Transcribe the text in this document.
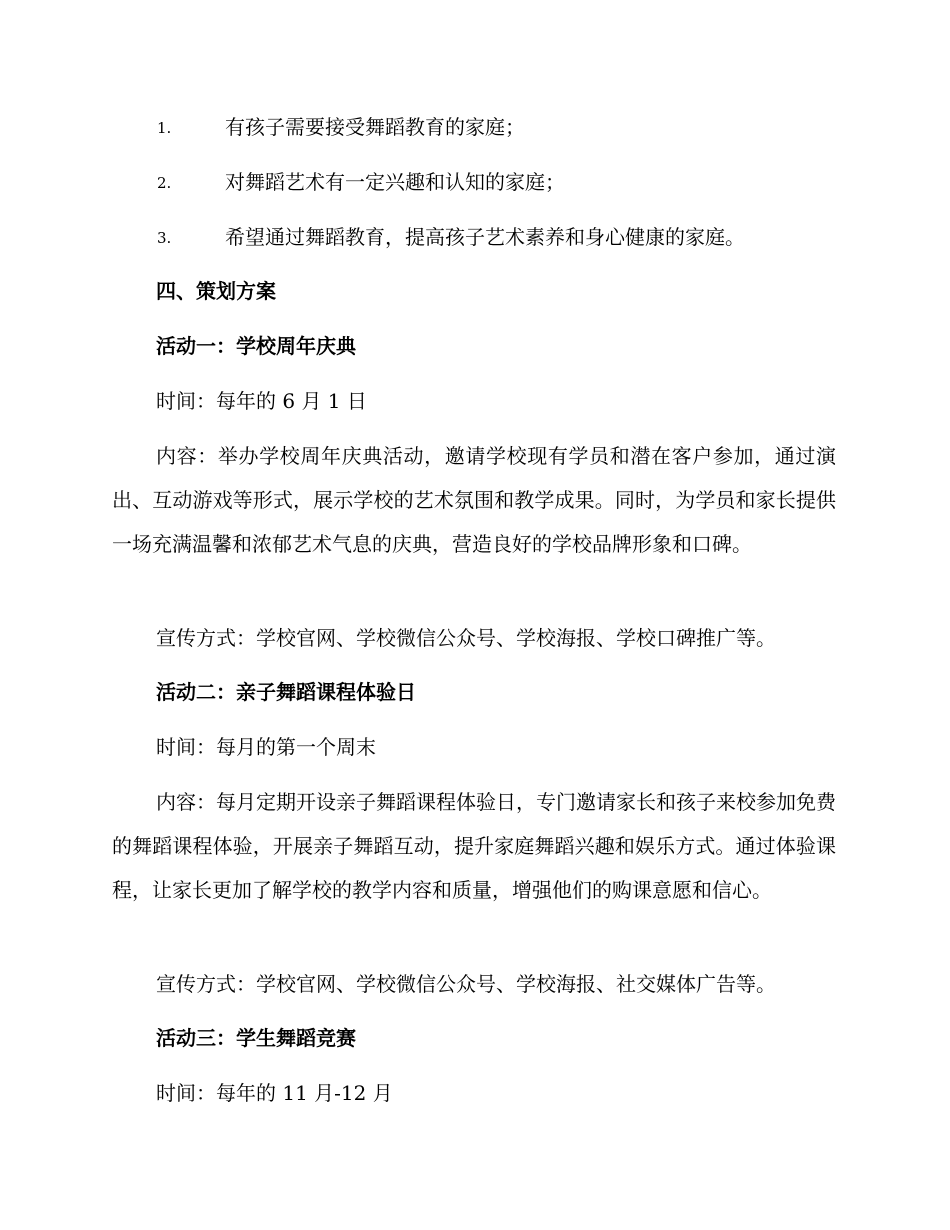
1.	有孩子需要接受舞蹈教育的家庭；
2.	对舞蹈艺术有一定兴趣和认知的家庭；
3.	希望通过舞蹈教育，提高孩子艺术素养和身心健康的家庭。
四、策划方案
活动一：学校周年庆典
时间：每年的 6 月 1 日
内容：举办学校周年庆典活动，邀请学校现有学员和潜在客户参加，通过演出、互动游戏等形式，展示学校的艺术氛围和教学成果。同时，为学员和家长提供一场充满温馨和浓郁艺术气息的庆典，营造良好的学校品牌形象和口碑。
宣传方式：学校官网、学校微信公众号、学校海报、学校口碑推广等。
活动二：亲子舞蹈课程体验日
时间：每月的第一个周末
内容：每月定期开设亲子舞蹈课程体验日，专门邀请家长和孩子来校参加免费的舞蹈课程体验，开展亲子舞蹈互动，提升家庭舞蹈兴趣和娱乐方式。通过体验课程，让家长更加了解学校的教学内容和质量，增强他们的购课意愿和信心。
宣传方式：学校官网、学校微信公众号、学校海报、社交媒体广告等。
活动三：学生舞蹈竞赛
时间：每年的 11 月-12 月
